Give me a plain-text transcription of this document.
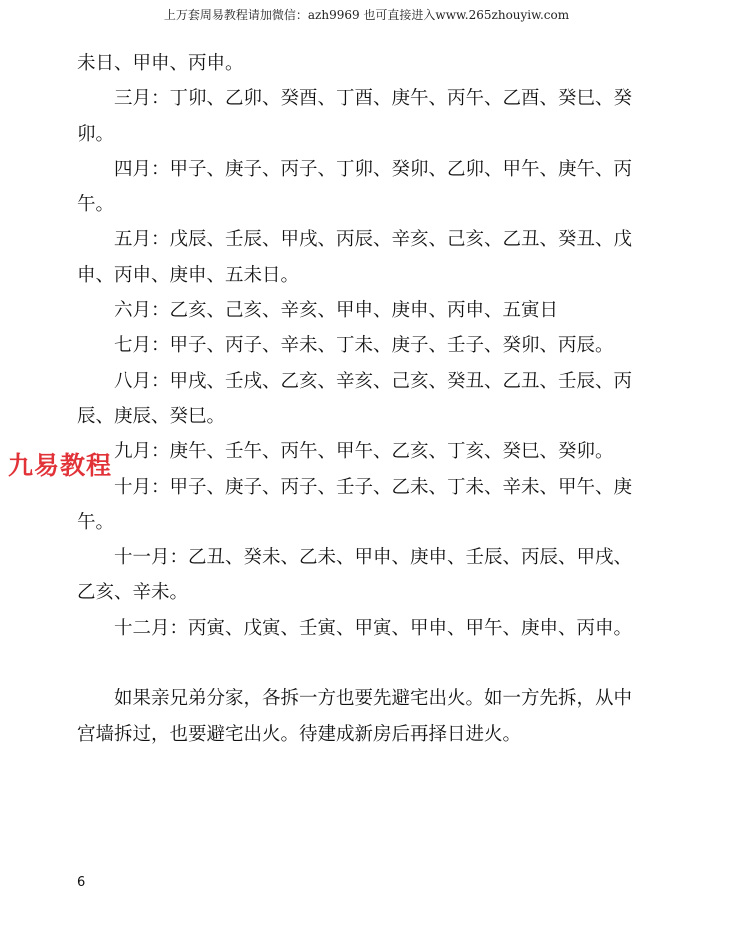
上万套周易教程请加微信：azh9969 也可直接进入www.265zhouyiw.com
未日、甲申、丙申。
三月：丁卯、乙卯、癸酉、丁酉、庚午、丙午、乙酉、癸巳、癸
卯。
四月：甲子、庚子、丙子、丁卯、癸卯、乙卯、甲午、庚午、丙
午。
五月：戊辰、壬辰、甲戌、丙辰、辛亥、己亥、乙丑、癸丑、戊
申、丙申、庚申、五未日。
六月：乙亥、己亥、辛亥、甲申、庚申、丙申、五寅日
七月：甲子、丙子、辛未、丁未、庚子、壬子、癸卯、丙辰。
八月：甲戌、壬戌、乙亥、辛亥、己亥、癸丑、乙丑、壬辰、丙
辰、庚辰、癸巳。
九月：庚午、壬午、丙午、甲午、乙亥、丁亥、癸巳、癸卯。
十月：甲子、庚子、丙子、壬子、乙未、丁未、辛未、甲午、庚
午。
十一月：乙丑、癸未、乙未、甲申、庚申、壬辰、丙辰、甲戌、
乙亥、辛未。
十二月：丙寅、戊寅、壬寅、甲寅、甲申、甲午、庚申、丙申。
如果亲兄弟分家，各拆一方也要先避宅出火。如一方先拆，从中
宫墙拆过，也要避宅出火。待建成新房后再择日进火。
九易教程
6
